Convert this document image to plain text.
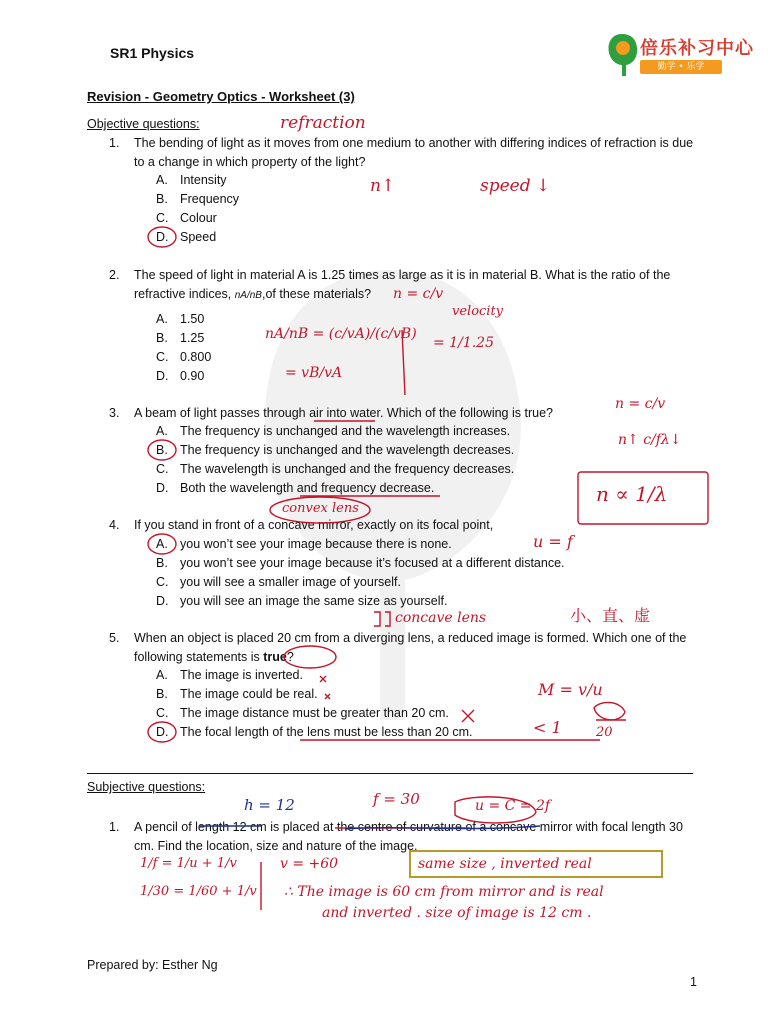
SR1 Physics	倍乐补习中心
勤学 • 乐学
Revision - Geometry Optics - Worksheet (3)
Objective questions:
1. The bending of light as it moves from one medium to another with differing indices of refraction is due to a change in which property of the light?
A. Intensity
B. Frequency
C. Colour
D. Speed
2. The speed of light in material A is 1.25 times as large as it is in material B. What is the ratio of the refractive indices, nA/nB,of these materials?
A. 1.50
B. 1.25
C. 0.800
D. 0.90
3. A beam of light passes through air into water. Which of the following is true?
A. The frequency is unchanged and the wavelength increases.
B. The frequency is unchanged and the wavelength decreases.
C. The wavelength is unchanged and the frequency decreases.
D. Both the wavelength and frequency decrease.
4. If you stand in front of a concave mirror, exactly on its focal point,
A. you won’t see your image because there is none.
B. you won’t see your image because it’s focused at a different distance.
C. you will see a smaller image of yourself.
D. you will see an image the same size as yourself.
5. When an object is placed 20 cm from a diverging lens, a reduced image is formed. Which one of the following statements is true?
A. The image is inverted.
B. The image could be real.
C. The image distance must be greater than 20 cm.
D. The focal length of the lens must be less than 20 cm.
Subjective questions:
1. A pencil of length 12 cm is placed at the centre of curvature of a concave mirror with focal length 30 cm. Find the location, size and nature of the image.
refraction
n↑	speed ↓
n = c/v
velocity
nA/nB = (c/vA)/(c/vB)
= vB/vA
= 1/1.25
n = c/v
n↑ c/fλ↓
n ∝ 1/λ
convex lens
u = f
concave lens	小、直、虚
M = v/u
< 1	20
h = 12	f = 30	u = C = 2f
1/f = 1/u + 1/v
1/30 = 1/60 + 1/v
v = +60	same size , inverted real
∴ The image is 60 cm from mirror and is real
and inverted . size of image is 12 cm .
Prepared by: Esther Ng
1
